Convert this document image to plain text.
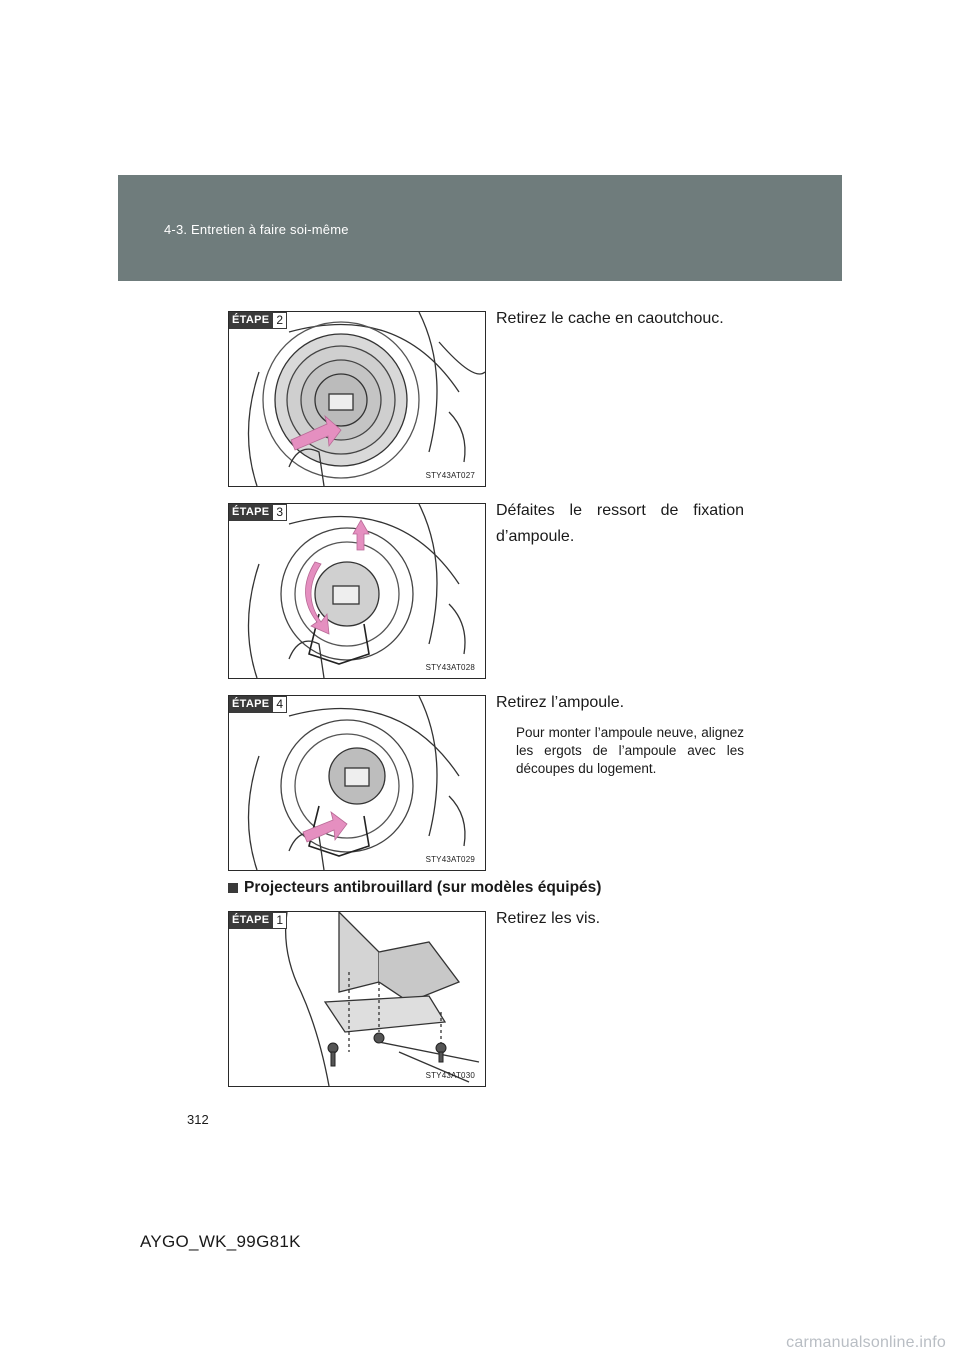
4-3. Entretien à faire soi-même
ÉTAPE 2
STY43AT027
Retirez le cache en caoutchouc.
ÉTAPE 3
STY43AT028
Défaites le ressort de fixation
d’ampoule.
ÉTAPE 4
STY43AT029
Retirez l’ampoule.
Pour monter l’ampoule neuve, alignez les ergots de l’ampoule avec les découpes du logement.
Projecteurs antibrouillard (sur modèles équipés)
ÉTAPE 1
STY43AT030
Retirez les vis.
312
AYGO_WK_99G81K
carmanualsonline.info
